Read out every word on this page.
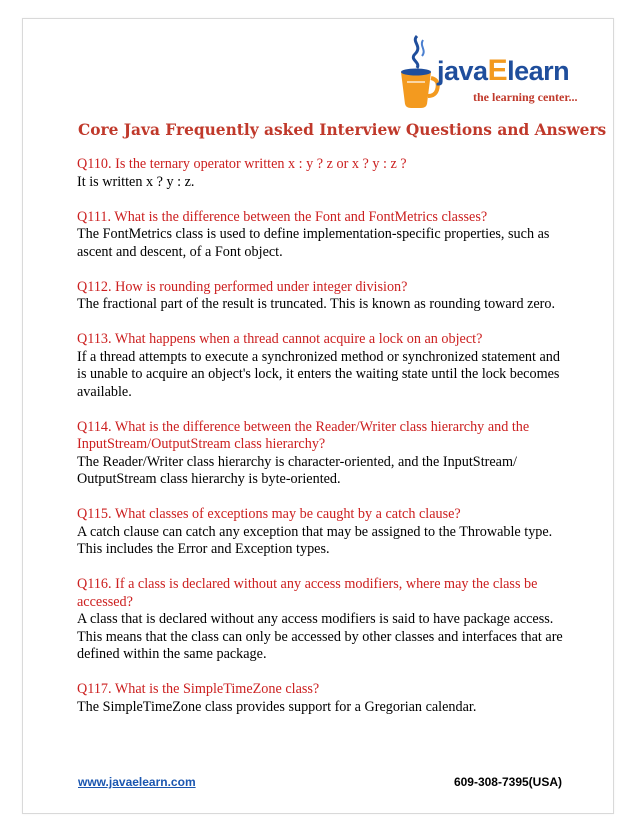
javaElearn
the learning center...
Core Java Frequently asked Interview Questions and Answers
Q110. Is the ternary operator written x : y ? z or x ? y : z ?
It is written x ? y : z.
Q111. What is the difference between the Font and FontMetrics classes?
The FontMetrics class is used to define implementation-specific properties, such as ascent and descent, of a Font object.
Q112. How is rounding performed under integer division?
The fractional part of the result is truncated. This is known as rounding toward zero.
Q113. What happens when a thread cannot acquire a lock on an object?
If a thread attempts to execute a synchronized method or synchronized statement and is unable to acquire an object's lock, it enters the waiting state until the lock becomes available.
Q114. What is the difference between the Reader/Writer class hierarchy and the InputStream/OutputStream class hierarchy?
The Reader/Writer class hierarchy is character-oriented, and the InputStream/ OutputStream class hierarchy is byte-oriented.
Q115. What classes of exceptions may be caught by a catch clause?
A catch clause can catch any exception that may be assigned to the Throwable type. This includes the Error and Exception types.
Q116. If a class is declared without any access modifiers, where may the class be accessed?
A class that is declared without any access modifiers is said to have package access. This means that the class can only be accessed by other classes and interfaces that are defined within the same package.
Q117. What is the SimpleTimeZone class?
The SimpleTimeZone class provides support for a Gregorian calendar.
www.javaelearn.com	609-308-7395(USA)
